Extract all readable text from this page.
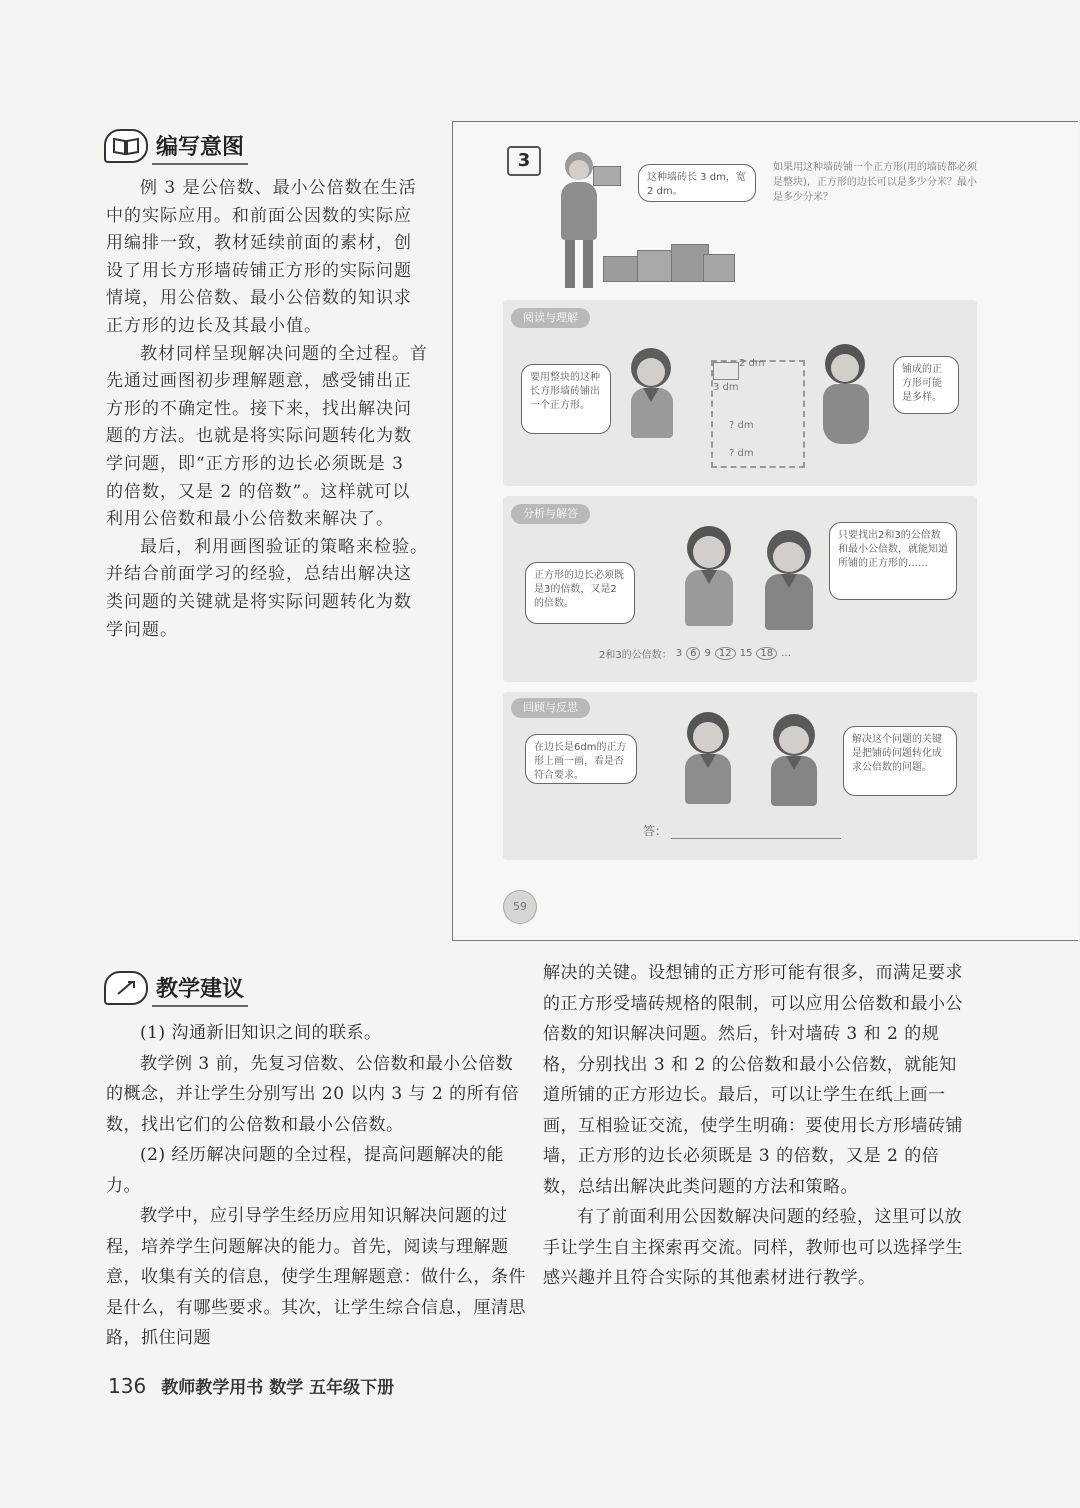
编写意图

例 3 是公倍数、最小公倍数在生活中的实际应用。和前面公因数的实际应用编排一致，教材延续前面的素材，创设了用长方形墙砖铺正方形的实际问题情境，用公倍数、最小公倍数的知识求正方形的边长及其最小值。

教材同样呈现解决问题的全过程。首先通过画图初步理解题意，感受铺出正方形的不确定性。接下来，找出解决问题的方法。也就是将实际问题转化为数学问题，即“正方形的边长必须既是 3 的倍数，又是 2 的倍数”。这样就可以利用公倍数和最小公倍数来解决了。

最后，利用画图验证的策略来检验。并结合前面学习的经验，总结出解决这类问题的关键就是将实际问题转化为数学问题。

3
这种墙砖长 3 dm，宽 2 dm。
如果用这种墙砖铺一个正方形(用的墙砖都必须是整块)，正方形的边长可以是多少分米？最小是多少分米？
阅读与理解
要用整块的这种长方形墙砖铺出一个正方形。
2 dm
3 dm
? dm
? dm
铺成的正方形可能是多样。
分析与解答
正方形的边长必须既是3的倍数，又是2的倍数。
只要找出2和3的公倍数和最小公倍数，就能知道所铺的正方形的……
2和3的公倍数： 3 6 9 12 15 18 …
回顾与反思
在边长是6dm的正方形上画一画，看是否符合要求。
解决这个问题的关键是把铺砖问题转化成求公倍数的问题。
答：
59
教学建议

(1) 沟通新旧知识之间的联系。

教学例 3 前，先复习倍数、公倍数和最小公倍数的概念，并让学生分别写出 20 以内 3 与 2 的所有倍数，找出它们的公倍数和最小公倍数。

(2) 经历解决问题的全过程，提高问题解决的能力。

教学中，应引导学生经历应用知识解决问题的过程，培养学生问题解决的能力。首先，阅读与理解题意，收集有关的信息，使学生理解题意：做什么，条件是什么，有哪些要求。其次，让学生综合信息，厘清思路，抓住问题

解决的关键。设想铺的正方形可能有很多，而满足要求的正方形受墙砖规格的限制，可以应用公倍数和最小公倍数的知识解决问题。然后，针对墙砖 3 和 2 的规格，分别找出 3 和 2 的公倍数和最小公倍数，就能知道所铺的正方形边长。最后，可以让学生在纸上画一画，互相验证交流，使学生明确：要使用长方形墙砖铺墙，正方形的边长必须既是 3 的倍数，又是 2 的倍数，总结出解决此类问题的方法和策略。

有了前面利用公因数解决问题的经验，这里可以放手让学生自主探索再交流。同样，教师也可以选择学生感兴趣并且符合实际的其他素材进行教学。

136 教师教学用书 数学 五年级下册
